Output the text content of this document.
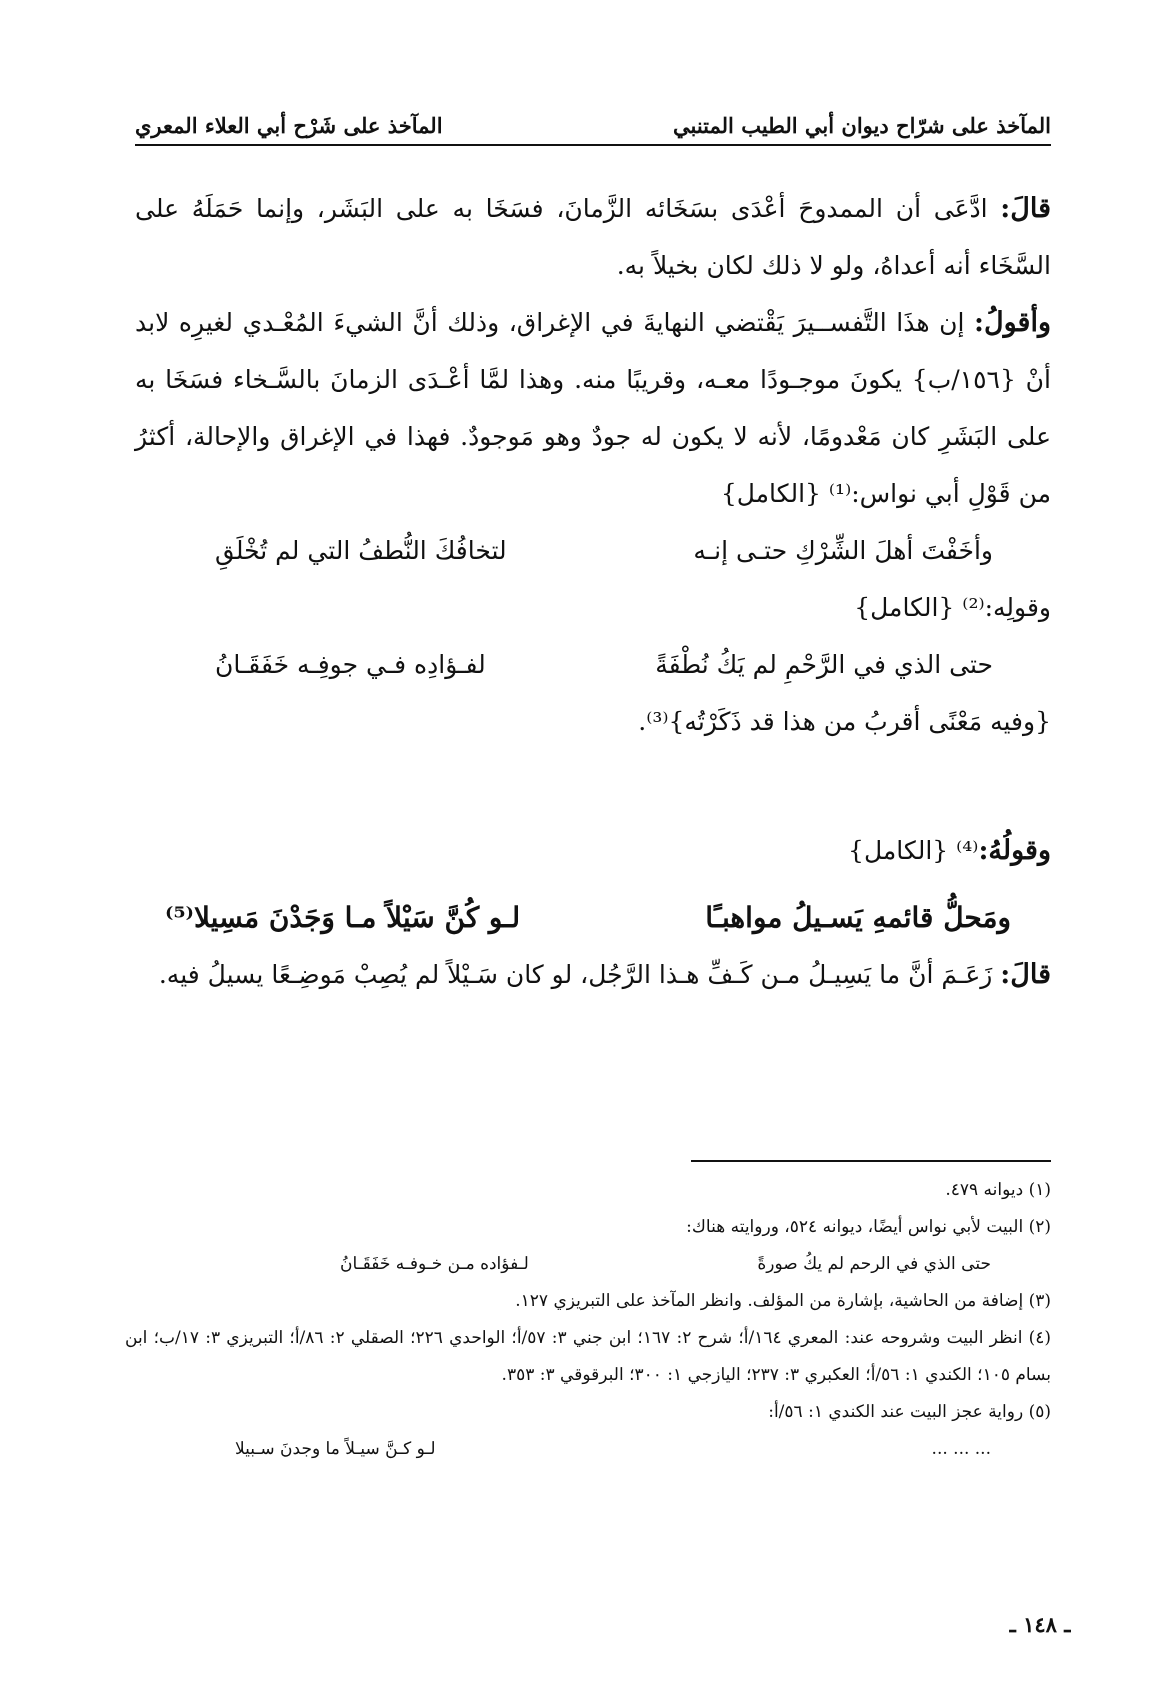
المآخذ على شرّاح ديوان أبي الطيب المتنبي
المآخذ على شَرْح أبي العلاء المعري

قالَ: ادَّعَى أن الممدوحَ أعْدَى بسَخَائه الزَّمانَ، فسَخَا به على البَشَر، وإنما حَمَلَهُ على السَّخَاء أنه أعداهُ، ولو لا ذلك لكان بخيلاً به.

وأقولُ: إن هذَا التَّفســيرَ يَقْتضي النهايةَ في الإغراق، وذلك أنَّ الشيءَ المُعْـدي لغيرِه لابد أنْ {١٥٦/ب} يكونَ موجـودًا معـه، وقريبًا منه. وهذا لمَّا أعْـدَى الزمانَ بالسَّـخاء فسَخَا به على البَشَرِ كان مَعْدومًا، لأنه لا يكون له جودٌ وهو مَوجودٌ. فهذا في الإغراق والإحالة، أكثرُ من قَوْلِ أبي نواس:⁽¹⁾ {الكامل}

وأخَفْتَ أهلَ الشِّرْكِ حتـى إنـه
لتخافُكَ النُّطفُ التي لم تُخْلَقِ

وقولِه:⁽²⁾ {الكامل}

حتى الذي في الرَّحْمِ لم يَكُ نُطْفَةً
لفـؤادِه فـي جوفِـه خَفَقَـانُ

{وفيه مَعْنًى أقربُ من هذا قد ذَكَرْتُه}⁽³⁾.

وقولُهُ:⁽⁴⁾ {الكامل}

ومَحلُّ قائمهِ يَسـيلُ مواهبـًا
لـو كُنَّ سَيْلاً مـا وَجَدْنَ مَسِيلا⁽⁵⁾

قالَ: زَعَـمَ أنَّ ما يَسِيـلُ مـن كَـفِّ هـذا الرَّجُل، لو كان سَـيْلاً لم يُصِبْ مَوضِـعًا يسيلُ فيه.

(١) ديوانه ٤٧٩.

(٢) البيت لأبي نواس أيضًا، ديوانه ٥٢٤، وروايته هناك:

حتى الذي في الرحم لم يكُ صورةً
لـفؤاده مـن خـوفـه خَفَقَـانُ

(٣) إضافة من الحاشية، بإشارة من المؤلف. وانظر المآخذ على التبريزي ١٢٧.

(٤) انظر البيت وشروحه عند: المعري ١٦٤/أ؛ شرح ٢: ١٦٧؛ ابن جني ٣: ٥٧/أ؛ الواحدي ٢٢٦؛ الصقلي ٢: ٨٦/أ؛ التبريزي ٣: ١٧/ب؛ ابن بسام ١٠٥؛ الكندي ١: ٥٦/أ؛ العكبري ٣: ٢٣٧؛ اليازجي ١: ٣٠٠؛ البرقوقي ٣: ٣٥٣.

(٥) رواية عجز البيت عند الكندي ١: ٥٦/أ:

... ... ...
لـو كـنَّ سيـلاً ما وجدنَ سـبيلا
ـ ١٤٨ ـ
